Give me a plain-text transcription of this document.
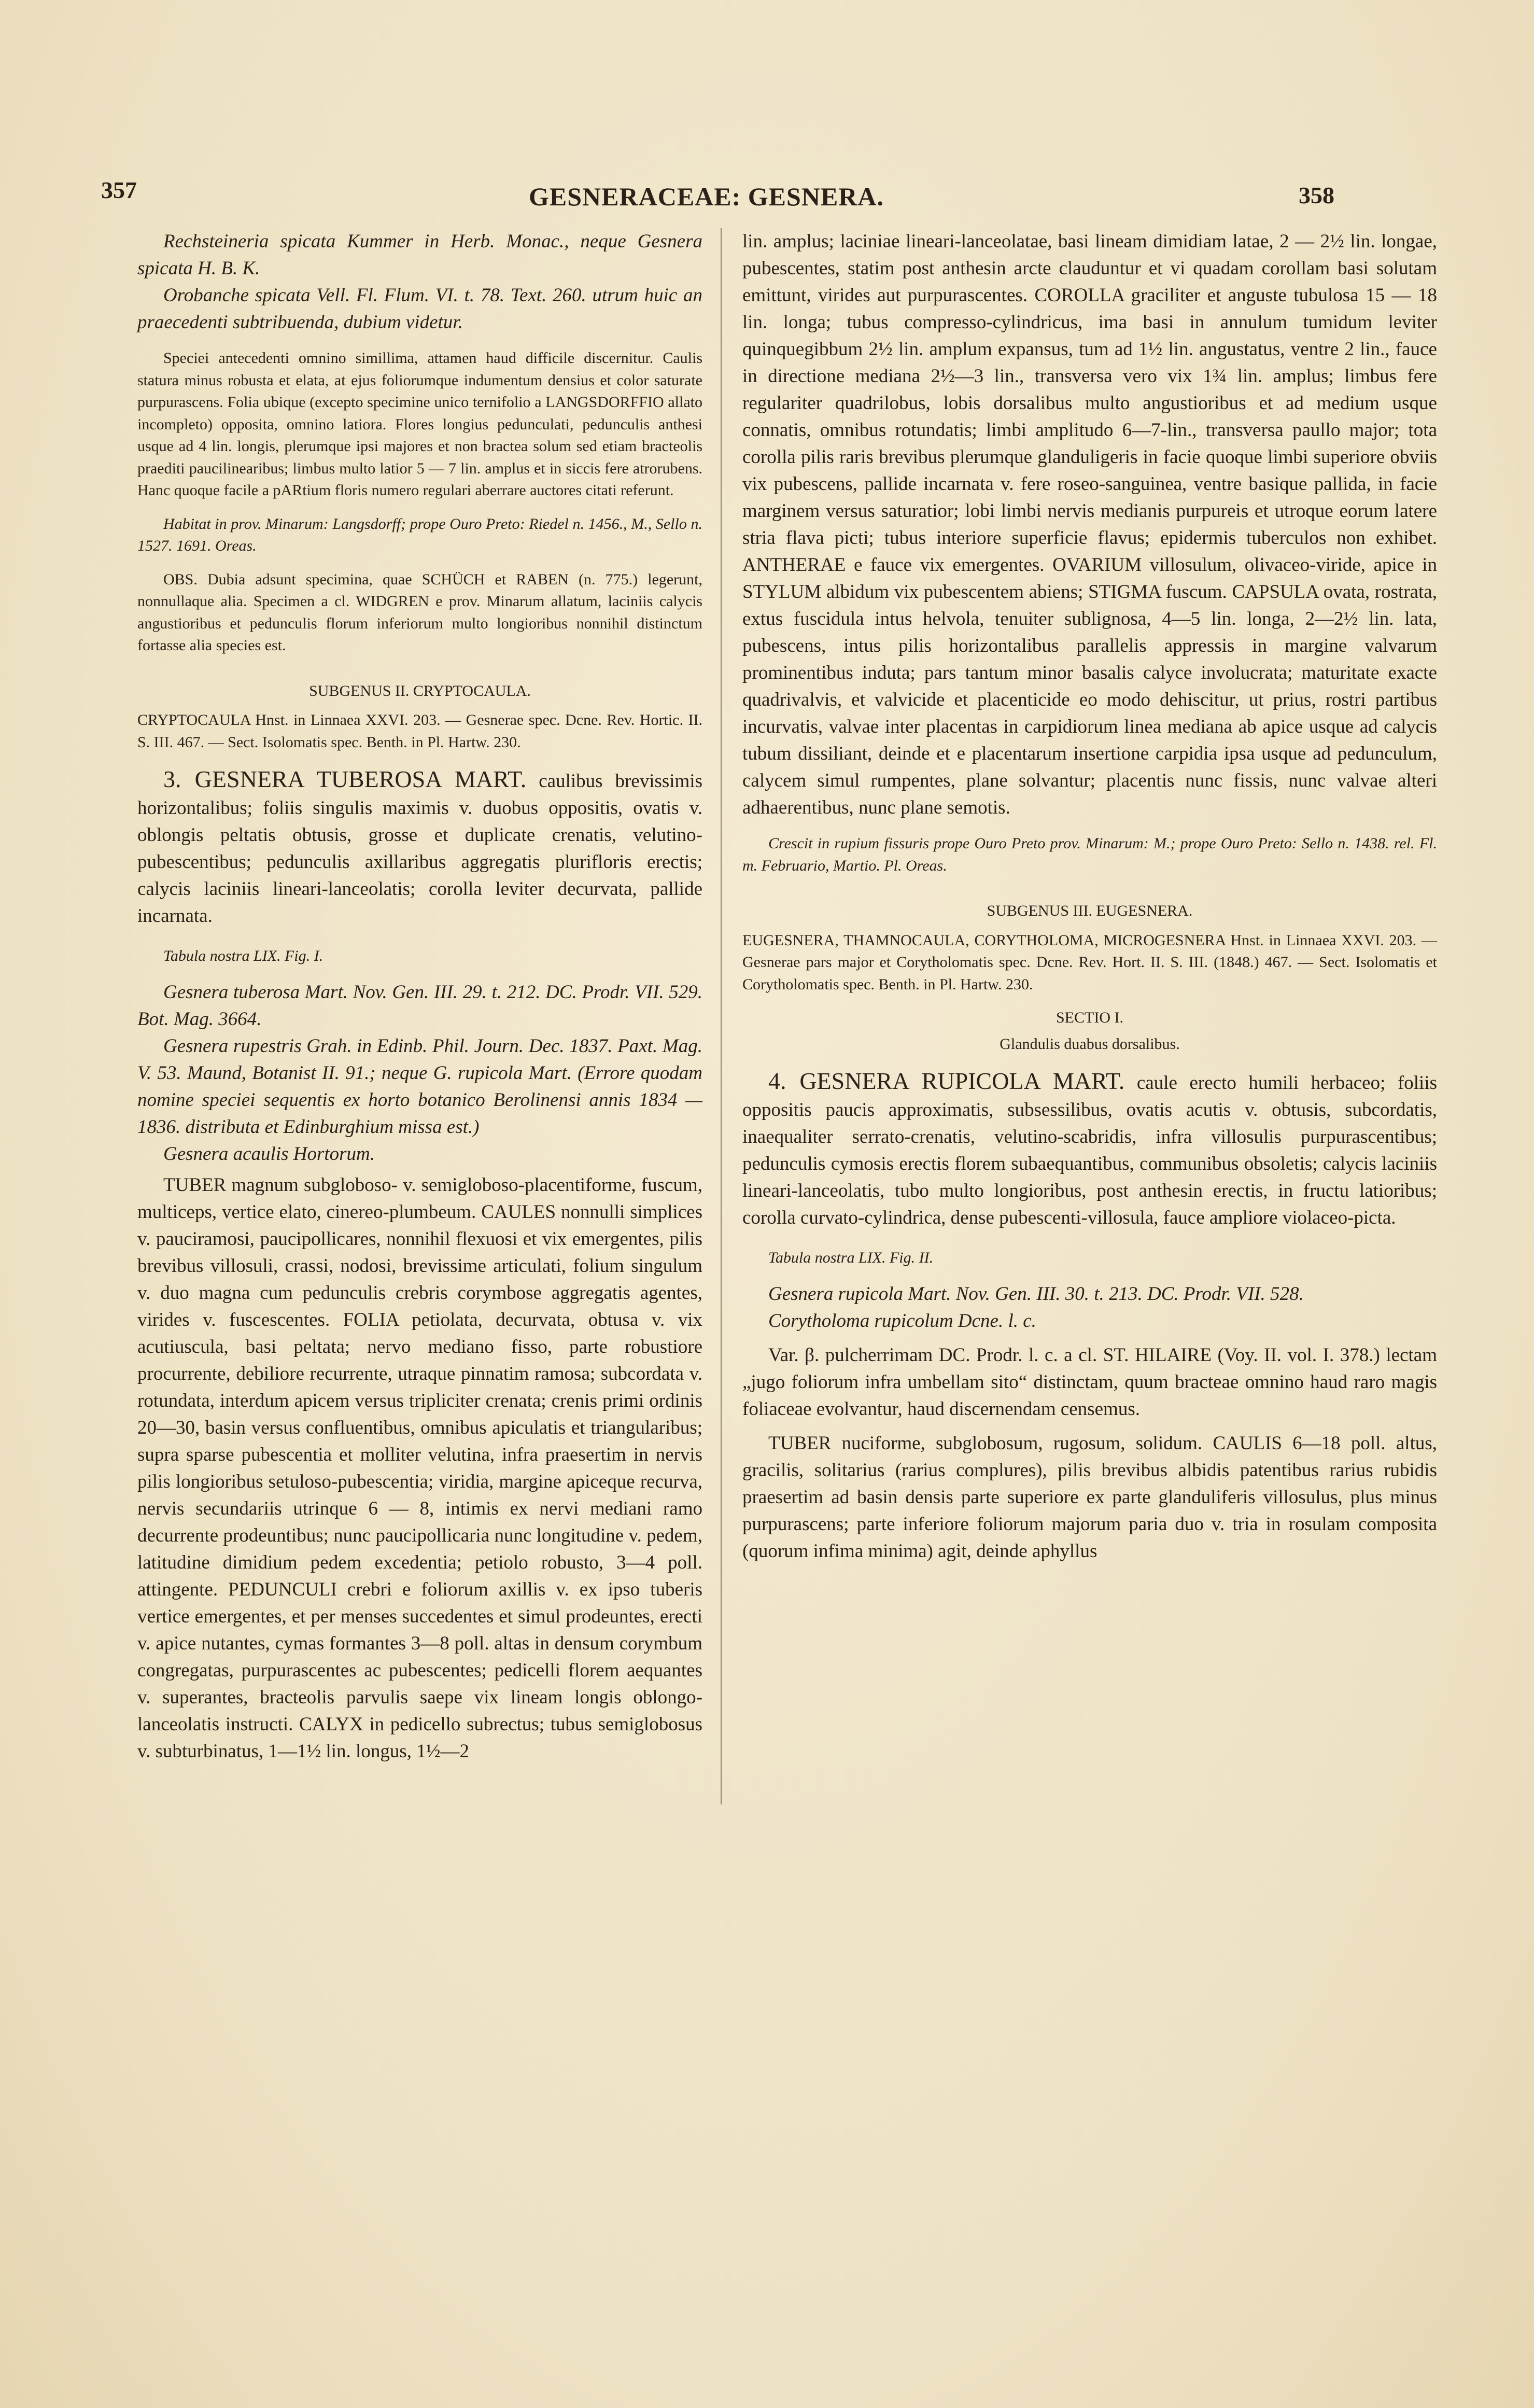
357	GESNERACEAE: GESNERA.	358

Rechsteineria spicata Kummer in Herb. Monac., neque Gesnera spicata H. B. K.

Orobanche spicata Vell. Fl. Flum. VI. t. 78. Text. 260. utrum huic an praecedenti subtribuenda, dubium videtur.

Speciei antecedenti omnino simillima, attamen haud difficile discernitur. Caulis statura minus robusta et elata, at ejus foliorumque indumentum densius et color saturate purpurascens. Folia ubique (excepto specimine unico ternifolio a LANGSDORFFIO allato incompleto) opposita, omnino latiora. Flores longius pedunculati, pedunculis anthesi usque ad 4 lin. longis, plerumque ipsi majores et non bractea solum sed etiam bracteolis praediti paucilinearibus; limbus multo latior 5 — 7 lin. amplus et in siccis fere atrorubens. Hanc quoque facile a pARtium floris numero regulari aberrare auctores citati referunt.

Habitat in prov. Minarum: Langsdorff; prope Ouro Preto: Riedel n. 1456., M., Sello n. 1527. 1691. Oreas.

OBS. Dubia adsunt specimina, quae SCHÜCH et RABEN (n. 775.) legerunt, nonnullaque alia. Specimen a cl. WIDGREN e prov. Minarum allatum, laciniis calycis angustioribus et pedunculis florum inferiorum multo longioribus nonnihil distinctum fortasse alia species est.

SUBGENUS II. CRYPTOCAULA.

CRYPTOCAULA Hnst. in Linnaea XXVI. 203. — Gesnerae spec. Dcne. Rev. Hortic. II. S. III. 467. — Sect. Isolomatis spec. Benth. in Pl. Hartw. 230.

3. GESNERA TUBEROSA MART. caulibus brevissimis horizontalibus; foliis singulis maximis v. duobus oppositis, ovatis v. oblongis peltatis obtusis, grosse et duplicate crenatis, velutino-pubescentibus; pedunculis axillaribus aggregatis plurifloris erectis; calycis laciniis lineari-lanceolatis; corolla leviter decurvata, pallide incarnata.

Tabula nostra LIX. Fig. I.

Gesnera tuberosa Mart. Nov. Gen. III. 29. t. 212. DC. Prodr. VII. 529. Bot. Mag. 3664.

Gesnera rupestris Grah. in Edinb. Phil. Journ. Dec. 1837. Paxt. Mag. V. 53. Maund, Botanist II. 91.; neque G. rupicola Mart. (Errore quodam nomine speciei sequentis ex horto botanico Berolinensi annis 1834 — 1836. distributa et Edinburghium missa est.)

Gesnera acaulis Hortorum.

TUBER magnum subgloboso- v. semigloboso-placentiforme, fuscum, multiceps, vertice elato, cinereo-plumbeum. CAULES nonnulli simplices v. pauciramosi, paucipollicares, nonnihil flexuosi et vix emergentes, pilis brevibus villosuli, crassi, nodosi, brevissime articulati, folium singulum v. duo magna cum pedunculis crebris corymbose aggregatis agentes, virides v. fuscescentes. FOLIA petiolata, decurvata, obtusa v. vix acutiuscula, basi peltata; nervo mediano fisso, parte robustiore procurrente, debiliore recurrente, utraque pinnatim ramosa; subcordata v. rotundata, interdum apicem versus tripliciter crenata; crenis primi ordinis 20—30, basin versus confluentibus, omnibus apiculatis et triangularibus; supra sparse pubescentia et molliter velutina, infra praesertim in nervis pilis longioribus setuloso-pubescentia; viridia, margine apiceque recurva, nervis secundariis utrinque 6 — 8, intimis ex nervi mediani ramo decurrente prodeuntibus; nunc paucipollicaria nunc longitudine v. pedem, latitudine dimidium pedem excedentia; petiolo robusto, 3—4 poll. attingente. PEDUNCULI crebri e foliorum axillis v. ex ipso tuberis vertice emergentes, et per menses succedentes et simul prodeuntes, erecti v. apice nutantes, cymas formantes 3—8 poll. altas in densum corymbum congregatas, purpurascentes ac pubescentes; pedicelli florem aequantes v. superantes, bracteolis parvulis saepe vix lineam longis oblongo-lanceolatis instructi. CALYX in pedicello subrectus; tubus semiglobosus v. subturbinatus, 1—1½ lin. longus, 1½—2

lin. amplus; laciniae lineari-lanceolatae, basi lineam dimidiam latae, 2 — 2½ lin. longae, pubescentes, statim post anthesin arcte clauduntur et vi quadam corollam basi solutam emittunt, virides aut purpurascentes. COROLLA graciliter et anguste tubulosa 15 — 18 lin. longa; tubus compresso-cylindricus, ima basi in annulum tumidum leviter quinquegibbum 2½ lin. amplum expansus, tum ad 1½ lin. angustatus, ventre 2 lin., fauce in directione mediana 2½—3 lin., transversa vero vix 1¾ lin. amplus; limbus fere regulariter quadrilobus, lobis dorsalibus multo angustioribus et ad medium usque connatis, omnibus rotundatis; limbi amplitudo 6—7-lin., transversa paullo major; tota corolla pilis raris brevibus plerumque glanduligeris in facie quoque limbi superiore obviis vix pubescens, pallide incarnata v. fere roseo-sanguinea, ventre basique pallida, in facie marginem versus saturatior; lobi limbi nervis medianis purpureis et utroque eorum latere stria flava picti; tubus interiore superficie flavus; epidermis tuberculos non exhibet. ANTHERAE e fauce vix emergentes. OVARIUM villosulum, olivaceo-viride, apice in STYLUM albidum vix pubescentem abiens; STIGMA fuscum. CAPSULA ovata, rostrata, extus fuscidula intus helvola, tenuiter sublignosa, 4—5 lin. longa, 2—2½ lin. lata, pubescens, intus pilis horizontalibus parallelis appressis in margine valvarum prominentibus induta; pars tantum minor basalis calyce involucrata; maturitate exacte quadrivalvis, et valvicide et placenticide eo modo dehiscitur, ut prius, rostri partibus incurvatis, valvae inter placentas in carpidiorum linea mediana ab apice usque ad calycis tubum dissiliant, deinde et e placentarum insertione carpidia ipsa usque ad pedunculum, calycem simul rumpentes, plane solvantur; placentis nunc fissis, nunc valvae alteri adhaerentibus, nunc plane semotis.

Crescit in rupium fissuris prope Ouro Preto prov. Minarum: M.; prope Ouro Preto: Sello n. 1438. rel. Fl. m. Februario, Martio. Pl. Oreas.

SUBGENUS III. EUGESNERA.

EUGESNERA, THAMNOCAULA, CORYTHOLOMA, MICROGESNERA Hnst. in Linnaea XXVI. 203. — Gesnerae pars major et Corytholomatis spec. Dcne. Rev. Hort. II. S. III. (1848.) 467. — Sect. Isolomatis et Corytholomatis spec. Benth. in Pl. Hartw. 230.

SECTIO I.

Glandulis duabus dorsalibus.

4. GESNERA RUPICOLA MART. caule erecto humili herbaceo; foliis oppositis paucis approximatis, subsessilibus, ovatis acutis v. obtusis, subcordatis, inaequaliter serrato-crenatis, velutino-scabridis, infra villosulis purpurascentibus; pedunculis cymosis erectis florem subaequantibus, communibus obsoletis; calycis laciniis lineari-lanceolatis, tubo multo longioribus, post anthesin erectis, in fructu latioribus; corolla curvato-cylindrica, dense pubescenti-villosula, fauce ampliore violaceo-picta.

Tabula nostra LIX. Fig. II.

Gesnera rupicola Mart. Nov. Gen. III. 30. t. 213. DC. Prodr. VII. 528.

Corytholoma rupicolum Dcne. l. c.

Var. β. pulcherrimam DC. Prodr. l. c. a cl. ST. HILAIRE (Voy. II. vol. I. 378.) lectam „jugo foliorum infra umbellam sito“ distinctam, quum bracteae omnino haud raro magis foliaceae evolvantur, haud discernendam censemus.

TUBER nuciforme, subglobosum, rugosum, solidum. CAULIS 6—18 poll. altus, gracilis, solitarius (rarius complures), pilis brevibus albidis patentibus rarius rubidis praesertim ad basin densis parte superiore ex parte glanduliferis villosulus, plus minus purpurascens; parte inferiore foliorum majorum paria duo v. tria in rosulam composita (quorum infima minima) agit, deinde aphyllus
